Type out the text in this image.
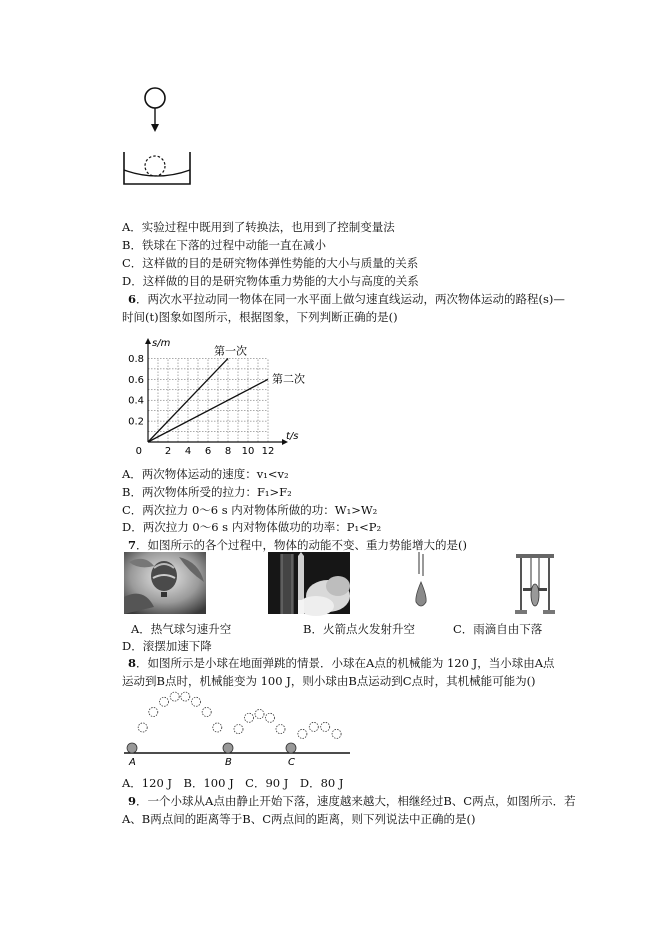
A．实验过程中既用到了转换法，也用到了控制变量法
B．铁球在下落的过程中动能一直在减小
C．这样做的目的是研究物体弹性势能的大小与质量的关系
D．这样做的目的是研究物体重力势能的大小与高度的关系
6．两次水平拉动同一物体在同一水平面上做匀速直线运动，两次物体运动的路程(s)—
时间(t)图象如图所示，根据图象，下列判断正确的是()
2 4 6 8 10 12
0.2
0.4
0.6
0.8
0
s/m
t/s
第一次
第二次
A．两次物体运动的速度：v₁<v₂
B．两次物体所受的拉力：F₁>F₂
C．两次拉力 0～6 s 内对物体所做的功：W₁>W₂
D．两次拉力 0～6 s 内对物体做功的功率：P₁<P₂
7．如图所示的各个过程中，物体的动能不变、重力势能增大的是()
A．热气球匀速升空	B．火箭点火发射升空	C．雨滴自由下落
D．滚摆加速下降
8．如图所示是小球在地面弹跳的情景．小球在A点的机械能为 120 J，当小球由A点
运动到B点时，机械能变为 100 J，则小球由B点运动到C点时，其机械能可能为()
A	B	C
A．120 J　B．100 J　C．90 J　D．80 J
9．一个小球从A点由静止开始下落，速度越来越大，相继经过B、C两点，如图所示．若
A、B两点间的距离等于B、C两点间的距离，则下列说法中正确的是()
